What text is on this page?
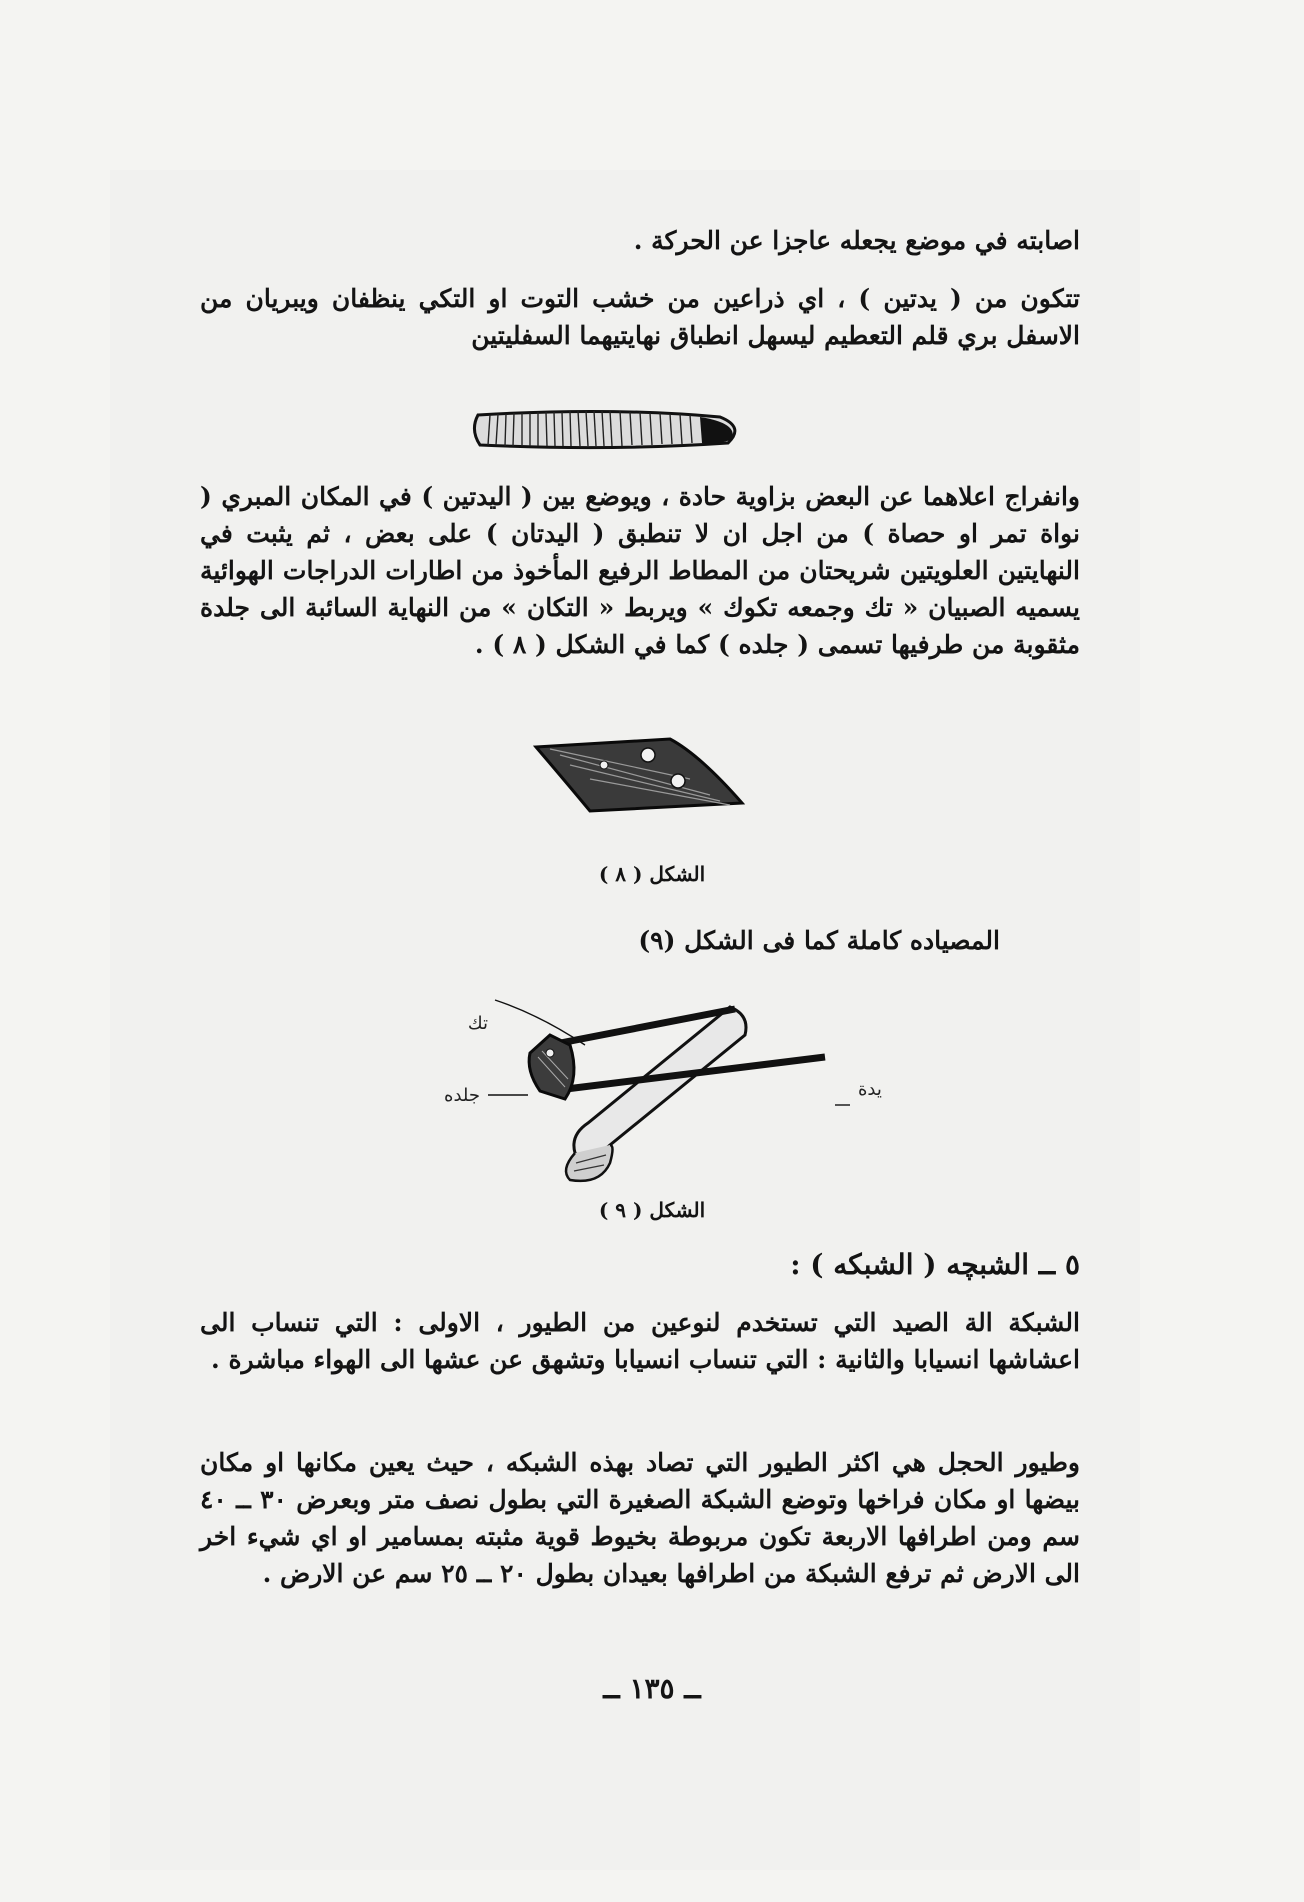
اصابته في موضع يجعله عاجزا عن الحركة .

تتكون من ( يدتين ) ، اي ذراعين من خشب التوت او التكي ينظفان ويبريان من الاسفل بري قلم التعطيم ليسهل انطباق نهايتيهما السفليتين

وانفراج اعلاهما عن البعض بزاوية حادة ، ويوضع بين ( اليدتين ) في المكان المبري ( نواة تمر او حصاة ) من اجل ان لا تنطبق ( اليدتان ) على بعض ، ثم يثبت في النهايتين العلويتين شريحتان من المطاط الرفيع المأخوذ من اطارات الدراجات الهوائية يسميه الصبيان « تك وجمعه تكوك » ويربط « التكان » من النهاية السائبة الى جلدة مثقوبة من طرفيها تسمى ( جلده ) كما في الشكل ( ٨ ) .

الشكل ( ٨ )

المصياده كاملة كما فى الشكل (٩)

تك
جلده	يدة
الشكل ( ٩ )
٥ ــ الشبچه ( الشبكه ) :

الشبكة الة الصيد التي تستخدم لنوعين من الطيور ، الاولى : التي تنساب الى اعشاشها انسيابا والثانية : التي تنساب انسيابا وتشهق عن عشها الى الهواء مباشرة .

وطيور الحجل هي اكثر الطيور التي تصاد بهذه الشبكه ، حيث يعين مكانها او مكان بيضها او مكان فراخها وتوضع الشبكة الصغيرة التي بطول نصف متر وبعرض ٣٠ ــ ٤٠ سم ومن اطرافها الاربعة تكون مربوطة بخيوط قوية مثبته بمسامير او اي شيء اخر الى الارض ثم ترفع الشبكة من اطرافها بعيدان بطول ٢٠ ــ ٢٥ سم عن الارض .

ــ ١٣٥ ــ
